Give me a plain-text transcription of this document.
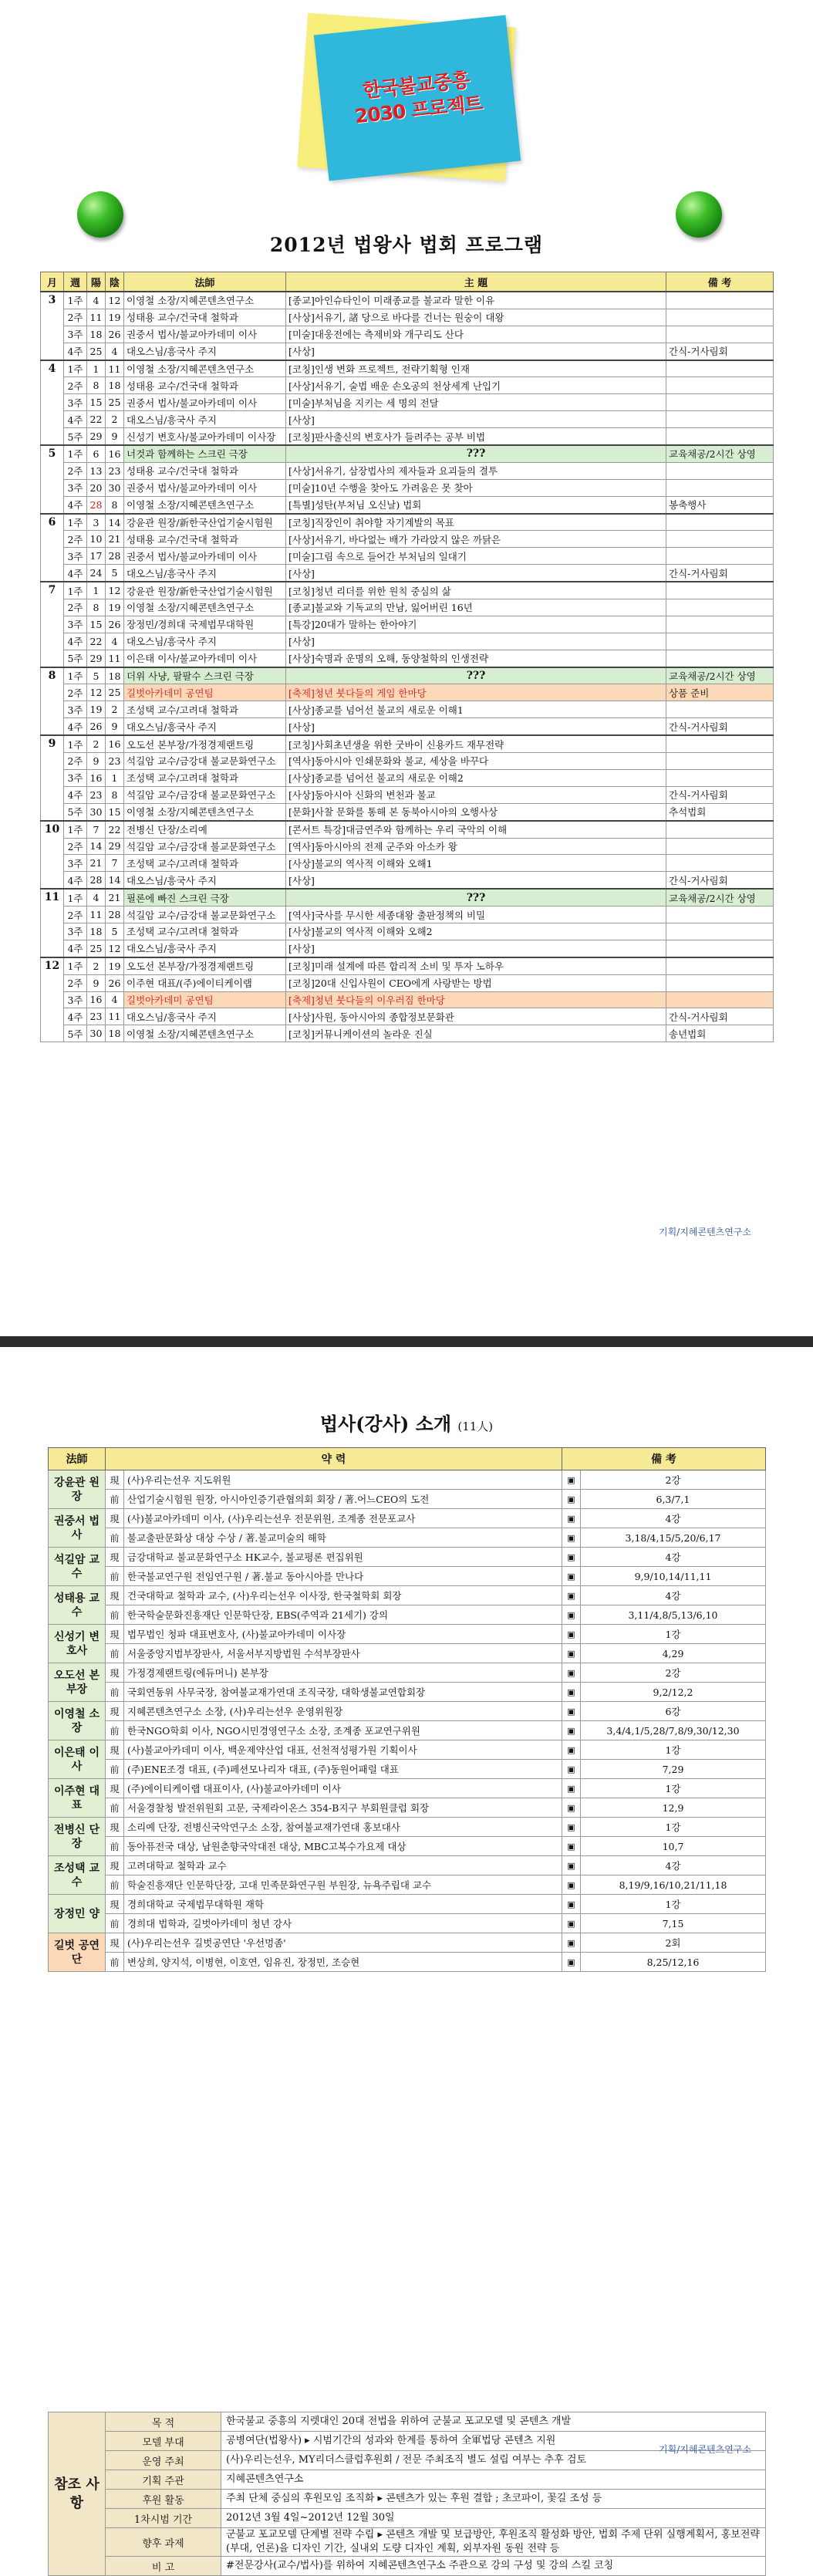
한국불교중흥
2030 프로젝트
2012년 법왕사 법회 프로그램
月	週	陽	陰	法師	主 題	備 考
3	1주	4	12	이영철 소장/지혜콘텐츠연구소	[종교]아인슈타인이 미래종교를 불교라 말한 이유	
	2주	11	19	성태용 교수/건국대 철학과	[사상]서유기, 諸 당으로 바다를 건너는 원숭이 대왕	
	3주	18	26	권중서 법사/불교아카데미 이사	[미술]대웅전에는 측제비와 개구리도 산다	
	4주	25	4	대오스님/흥국사 주지	[사상]	간식-거사림회
4	1주	1	11	이영철 소장/지혜콘텐츠연구소	[코칭]인생 변화 프로젝트, 전략기획형 인재	
	2주	8	18	성태용 교수/건국대 철학과	[사상]서유기, 술법 배운 손오공의 천상세계 난입기	
	3주	15	25	권중서 법사/불교아카데미 이사	[미술]부처님을 지키는 세 명의 전달	
	4주	22	2	대오스님/흥국사 주지	[사상]	
	5주	29	9	신성기 변호사/불교아카데미 이사장	[코칭]판사출신의 변호사가 들려주는 공부 비법	
5	1주	6	16	너것과 함께하는 스크린 극장	???	교육채공/2시간 상영
	2주	13	23	성태용 교수/건국대 철학과	[사상]서유기, 삼장법사의 제자들과 요괴들의 결투	
	3주	20	30	권중서 법사/불교아카데미 이사	[미술]10년 수행을 찾아도 가려움은 못 찾아	
	4주	28	8	이영철 소장/지혜콘텐츠연구소	[특별]성탄(부처님 오신날) 법회	봉축행사
6	1주	3	14	강윤관 원장/新한국산업기술시험원	[코칭]직장인이 취야할 자기계발의 목표	
	2주	10	21	성태용 교수/건국대 철학과	[사상]서유기, 바다없는 배가 가라앉지 않은 까닭은	
	3주	17	28	권중서 법사/불교아카데미 이사	[미술]그림 속으로 들어간 부처님의 일대기	
	4주	24	5	대오스님/흥국사 주지	[사상]	간식-거사림회
7	1주	1	12	강윤관 원장/新한국산업기술시험원	[코칭]청년 리더를 위한 원칙 중심의 삶	
	2주	8	19	이영철 소장/지혜콘텐츠연구소	[종교]불교와 기독교의 만남, 잃어버린 16년	
	3주	15	26	장정민/경희대 국제법무대학원	[특강]20대가 말하는 한아야기	
	4주	22	4	대오스님/흥국사 주지	[사상]	
	5주	29	11	이은태 이사/불교아카데미 이사	[사상]숙명과 운명의 오해, 동양철학의 인생전략	
8	1주	5	18	더위 사냥, 팔팔수 스크린 극장	???	교육채공/2시간 상영
	2주	12	25	길벗아카데미 공연팀	[축제]청년 붓다들의 게임 한마당	상품 준비
	3주	19	2	조성택 교수/고려대 철학과	[사상]종교를 넘어선 불교의 새로운 이해1	
	4주	26	9	대오스님/흥국사 주지	[사상]	간식-거사림회
9	1주	2	16	오도선 본부장/가정경제랜트링	[코칭]사회초년생을 위한 굿바이 신용카드 재무전략	
	2주	9	23	석길암 교수/금강대 불교문화연구소	[역사]동아시아 인쇄문화와 불교, 세상을 바꾸다	
	3주	16	1	조성택 교수/고려대 철학과	[사상]종교를 넘어선 불교의 새로운 이해2	
	4주	23	8	석길암 교수/금강대 불교문화연구소	[사상]동아시아 신화의 변천과 불교	간식-거사림회
	5주	30	15	이영철 소장/지혜콘텐츠연구소	[문화]사찰 문화를 통해 본 동북아시아의 오행사상	추석법회
10	1주	7	22	전병신 단장/소리예	[콘서트 특강]대금연주와 함께하는 우리 국악의 이해	
	2주	14	29	석길암 교수/금강대 불교문화연구소	[역사]동아시아의 전제 군주와 아소카 왕	
	3주	21	7	조성택 교수/고려대 철학과	[사상]불교의 역사적 이해와 오해1	
	4주	28	14	대오스님/흥국사 주지	[사상]	간식-거사림회
11	1주	4	21	필론에 빠진 스크린 극장	???	교육채공/2시간 상영
	2주	11	28	석길암 교수/금강대 불교문화연구소	[역사]국사를 무시한 세종대왕 출판정책의 비밀	
	3주	18	5	조성택 교수/고려대 철학과	[사상]불교의 역사적 이해와 오해2	
	4주	25	12	대오스님/흥국사 주지	[사상]	
12	1주	2	19	오도선 본부장/가정경제랜트링	[코칭]미래 설계에 따른 합리적 소비 및 투자 노하우	
	2주	9	26	이주현 대표/(주)에이티케이랩	[코칭]20대 신입사원이 CEO에게 사랑받는 방법	
	3주	16	4	길벗아카데미 공연팀	[축제]청년 붓다들의 이우러짐 한마당	
	4주	23	11	대오스님/흥국사 주지	[사상]사원, 동아시아의 종합정보문화관	간식-거사림회
	5주	30	18	이영철 소장/지혜콘텐츠연구소	[코칭]커뮤니케이션의 놀라운 진실	송년법회
기획/지혜콘텐츠연구소
법사(강사) 소개 (11人)
法師	약 력		備 考	
강윤관 원장	現	(사)우리는선우 지도위원	▣	2강
	前	산업기술시험원 원장, 아시아인증기관협의회 회장 / 著.어느CEO의 도전	▣	6,3/7,1
권중서 법사	現	(사)불교아카데미 이사, (사)우리는선우 전문위원, 조계종 전문포교사	▣	4강
	前	불교출판문화상 대상 수상 / 著.불교미술의 해학	▣	3,18/4,15/5,20/6,17
석길암 교수	現	금강대학교 불교문화연구소 HK교수, 불교평론 편집위원	▣	4강
	前	한국불교연구원 전임연구원 / 著.불교 동아시아를 만나다	▣	9,9/10,14/11,11
성태용 교수	現	건국대학교 철학과 교수, (사)우리는선우 이사장, 한국철학회 회장	▣	4강
	前	한국학술문화진흥재단 인문학단장, EBS(주역과 21세기) 강의	▣	3,11/4,8/5,13/6,10
신성기 변호사	現	법무법인 청파 대표변호사, (사)불교아카데미 이사장	▣	1강
	前	서울중앙지법부장판사, 서울서부지방법원 수석부장판사	▣	4,29
오도선 본부장	現	가정경제랜트링(에듀머니) 본부장	▣	2강
	前	국회연동위 사무국장, 참여불교재가연대 조직국장, 대학생불교연합회장	▣	9,2/12,2
이영철 소장	現	지혜콘텐츠연구소 소장, (사)우리는선우 운영위원장	▣	6강
	前	한국NGO학회 이사, NGO시민경영연구소 소장, 조계종 포교연구위원	▣	3,4/4,1/5,28/7,8/9,30/12,30
이은태 이사	現	(사)불교아카데미 이사, 백운제약산업 대표, 선천적성평가원 기획이사	▣	1강
	前	(주)ENE조경 대표, (주)페션모나리자 대표, (주)동원어패럴 대표	▣	7,29
이주현 대표	現	(주)에이티케이랩 대표이사, (사)불교아카데미 이사	▣	1강
	前	서울경찰청 발전위원회 고문, 국제라이온스 354-B지구 부회원클럽 회장	▣	12,9
전병신 단장	現	소리예 단장, 전병신국악연구소 소장, 참여불교재가연대 홍보대사	▣	1강
	前	동아퓨전국 대상, 남원춘향국악대전 대상, MBC고복수가요제 대상	▣	10,7
조성택 교수	現	고려대학교 철학과 교수	▣	4강
	前	학술진흥재단 인문학단장, 고대 민족문화연구원 부원장, 뉴욕주립대 교수	▣	8,19/9,16/10,21/11,18
장정민 양	現	경희대학교 국제법무대학원 재학	▣	1강
	前	경희대 법학과, 길벗아카데미 청년 강사	▣	7,15
길벗 공연단	現	(사)우리는선우 길벗공연단 '우선멍좀'	▣	2회
	前	변상희, 양지석, 이병현, 이호연, 임유진, 장정민, 조승현	▣	8,25/12,16
참조 사항	목 적	한국불교 중흥의 지렛대인 20대 전법을 위하여 군불교 포교모델 및 콘텐츠 개발
	모델 부대	공병여단(법왕사) ▸ 시범기간의 성과와 한계를 통하여 全軍법당 콘텐츠 지원
	운영 주최	(사)우리는선우, MY리더스클럽후원회 / 전문 주최조직 별도 설립 여부는 추후 검토
	기획 주관	지혜콘텐츠연구소
	후원 활동	주최 단체 중심의 후원모임 조직화 ▸ 콘텐츠가 있는 후원 결합 ; 초코파이, 꽃길 조성 등
	1차시범 기간	2012년 3월 4일~2012년 12월 30일
	향후 과제	군불교 포교모델 단계별 전략 수립 ▸ 콘텐츠 개발 및 보급방안, 후원조직 활성화 방안, 법회 주제 단위 실행계획서, 홍보전략(부대, 언론)을 디자인 기간, 실내외 도량 디자인 계획, 외부자원 동원 전략 등
	비 고	#전문강사(교수/법사)를 위하여 지혜콘텐츠연구소 주관으로 강의 구성 및 강의 스킬 코칭
기획/지혜콘텐츠연구소
